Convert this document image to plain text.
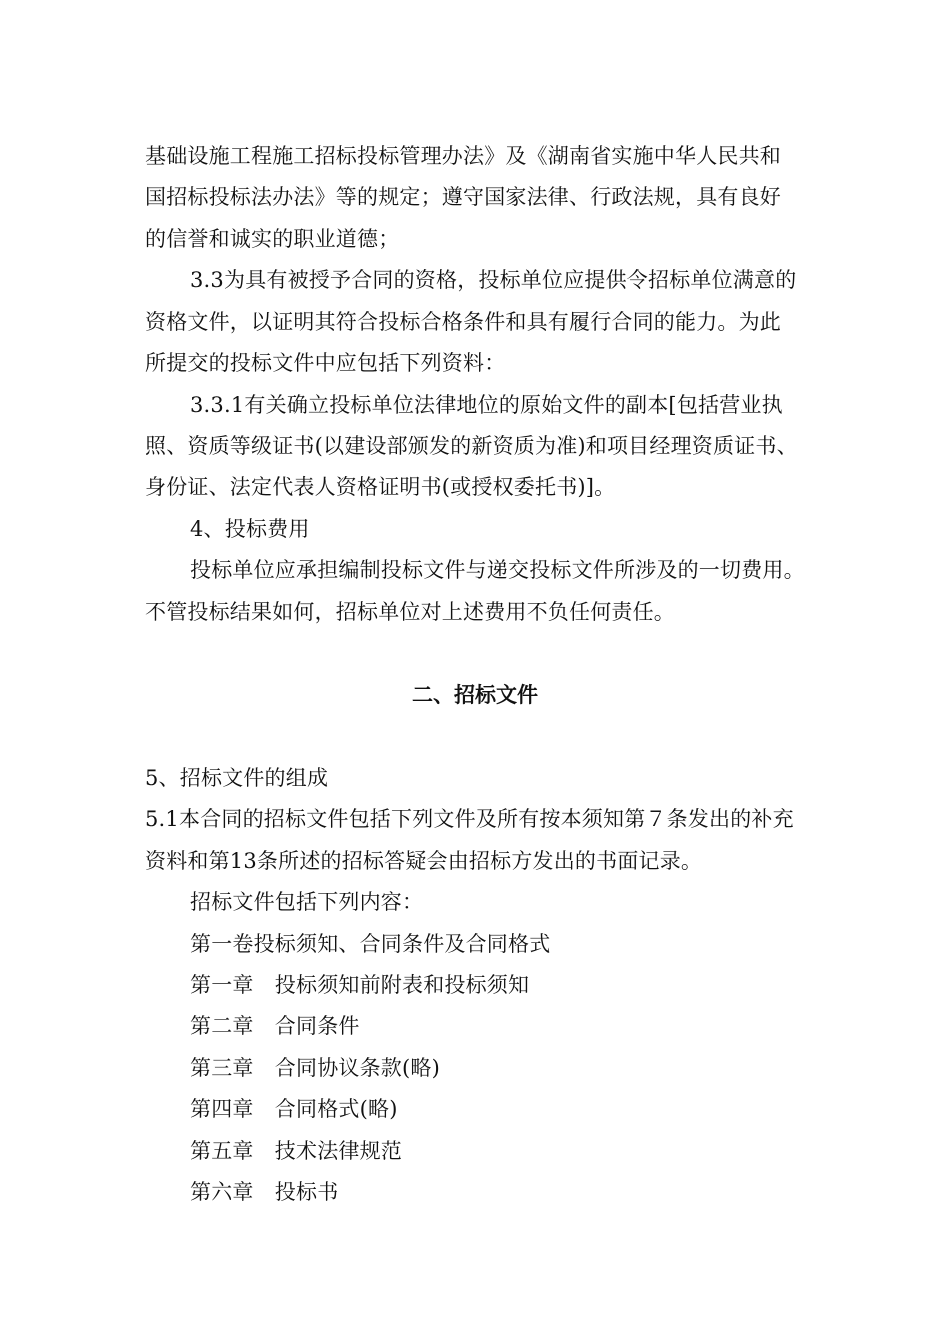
基础设施工程施工招标投标管理办法》及《湖南省实施中华人民共和
国招标投标法办法》等的规定；遵守国家法律、行政法规，具有良好
的信誉和诚实的职业道德；
3.3为具有被授予合同的资格，投标单位应提供令招标单位满意的
资格文件，以证明其符合投标合格条件和具有履行合同的能力。为此
所提交的投标文件中应包括下列资料：
3.3.1有关确立投标单位法律地位的原始文件的副本[包括营业执
照、资质等级证书(以建设部颁发的新资质为准)和项目经理资质证书、
身份证、法定代表人资格证明书(或授权委托书)]。
4、投标费用
投标单位应承担编制投标文件与递交投标文件所涉及的一切费用。
不管投标结果如何，招标单位对上述费用不负任何责任。
二、招标文件
5、招标文件的组成
5.1本合同的招标文件包括下列文件及所有按本须知第７条发出的补充
资料和第13条所述的招标答疑会由招标方发出的书面记录。
招标文件包括下列内容：
第一卷投标须知、合同条件及合同格式
第一章　投标须知前附表和投标须知
第二章　合同条件
第三章　合同协议条款(略)
第四章　合同格式(略)
第五章　技术法律规范
第六章　投标书
